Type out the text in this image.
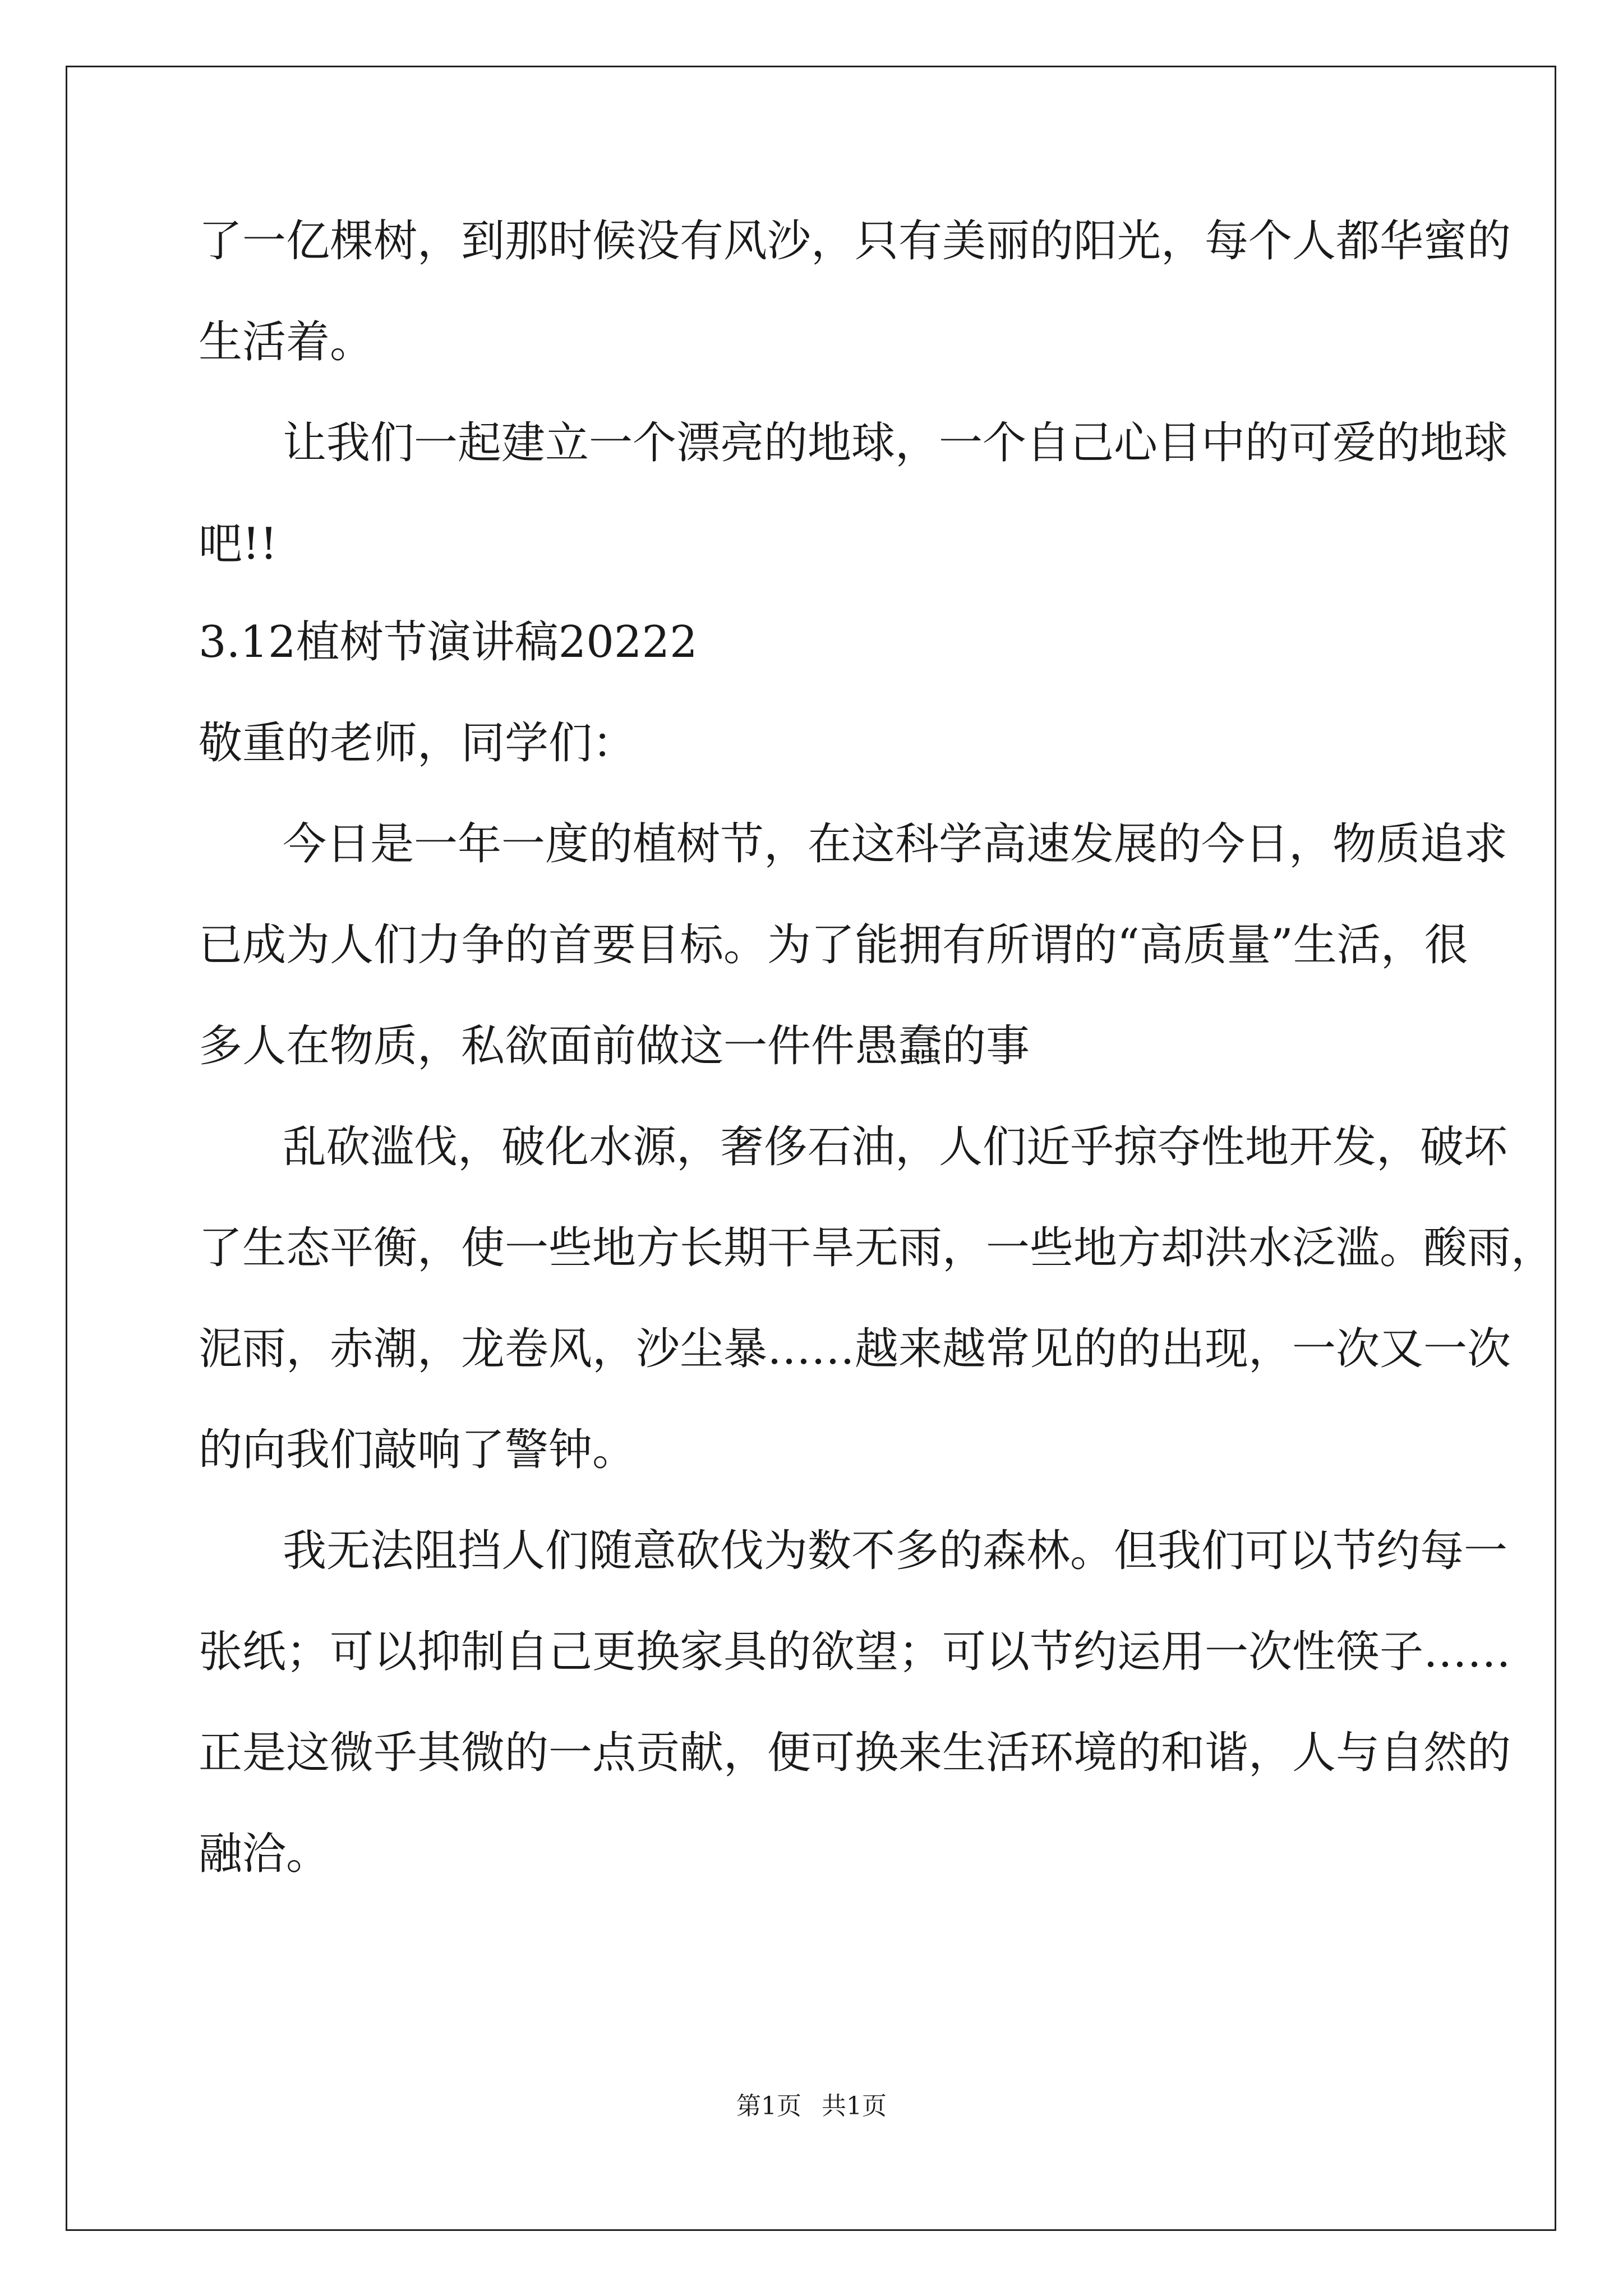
了一亿棵树，到那时候没有风沙，只有美丽的阳光，每个人都华蜜的
生活着。
让我们一起建立一个漂亮的地球，一个自己心目中的可爱的地球
吧!!
3.12植树节演讲稿20222
敬重的老师，同学们：
今日是一年一度的植树节，在这科学高速发展的今日，物质追求
已成为人们力争的首要目标。为了能拥有所谓的“高质量”生活，很
多人在物质，私欲面前做这一件件愚蠢的事
乱砍滥伐，破化水源，奢侈石油，人们近乎掠夺性地开发，破坏
了生态平衡，使一些地方长期干旱无雨，一些地方却洪水泛滥。酸雨，
泥雨，赤潮，龙卷风，沙尘暴……越来越常见的的出现，一次又一次
的向我们敲响了警钟。
我无法阻挡人们随意砍伐为数不多的森林。但我们可以节约每一
张纸；可以抑制自己更换家具的欲望；可以节约运用一次性筷子……
正是这微乎其微的一点贡献，便可换来生活环境的和谐，人与自然的
融洽。
第1页 共1页
